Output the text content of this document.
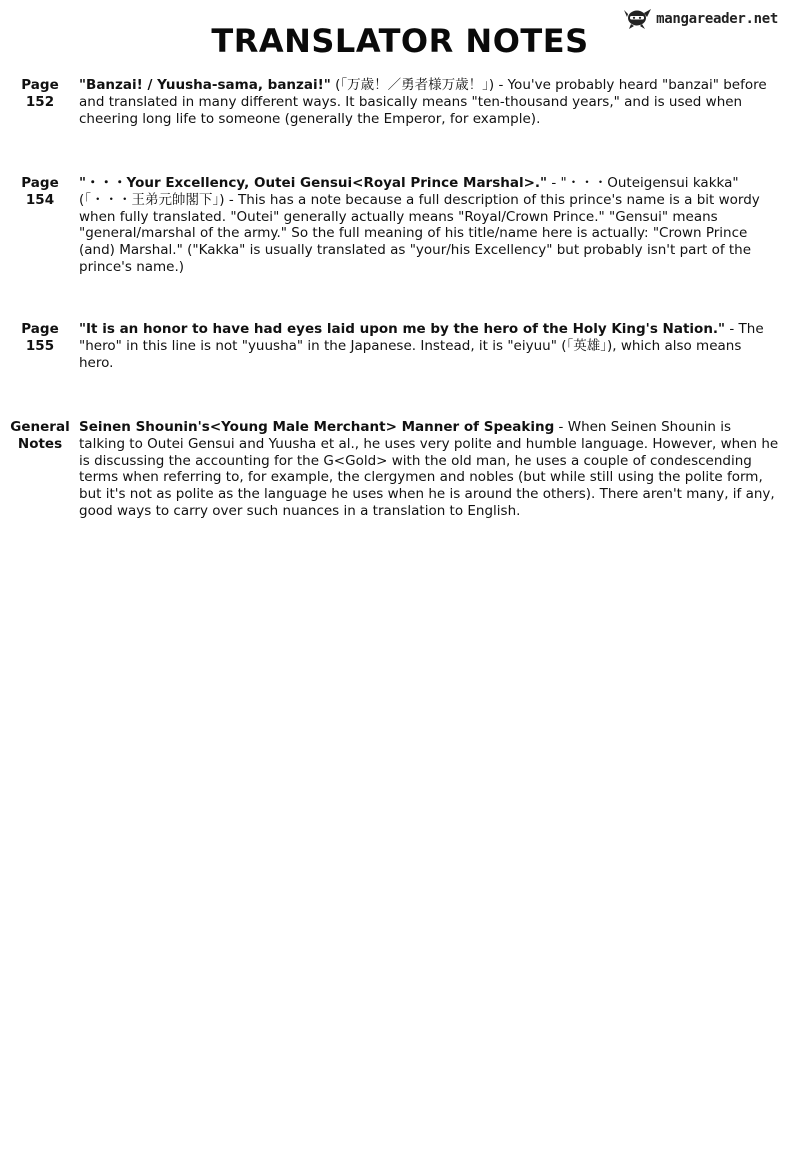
mangareader.net
TRANSLATOR NOTES
Page
152
"Banzai! / Yuusha-sama, banzai!" (「万歳！／勇者様万歳！」) - You've probably heard "banzai" before and translated in many different ways. It basically means "ten-thousand years," and is used when cheering long life to someone (generally the Emperor, for example).
Page
154
"・・・Your Excellency, Outei Gensui<Royal Prince Marshal>." - "・・・Outeigensui kakka" (「・・・王弟元帥閣下」) - This has a note because a full description of this prince's name is a bit wordy when fully translated. "Outei" generally actually means "Royal/Crown Prince." "Gensui" means "general/marshal of the army." So the full meaning of his title/name here is actually: "Crown Prince (and) Marshal." ("Kakka" is usually translated as "your/his Excellency" but probably isn't part of the prince's name.)
Page
155
"It is an honor to have had eyes laid upon me by the hero of the Holy King's Nation." - The "hero" in this line is not "yuusha" in the Japanese. Instead, it is "eiyuu" (「英雄」), which also means hero.
General
Notes
Seinen Shounin's<Young Male Merchant> Manner of Speaking - When Seinen Shounin is talking to Outei Gensui and Yuusha et al., he uses very polite and humble language. However, when he is discussing the accounting for the G<Gold> with the old man, he uses a couple of condescending terms when referring to, for example, the clergymen and nobles (but while still using the polite form, but it's not as polite as the language he uses when he is around the others). There aren't many, if any, good ways to carry over such nuances in a translation to English.
